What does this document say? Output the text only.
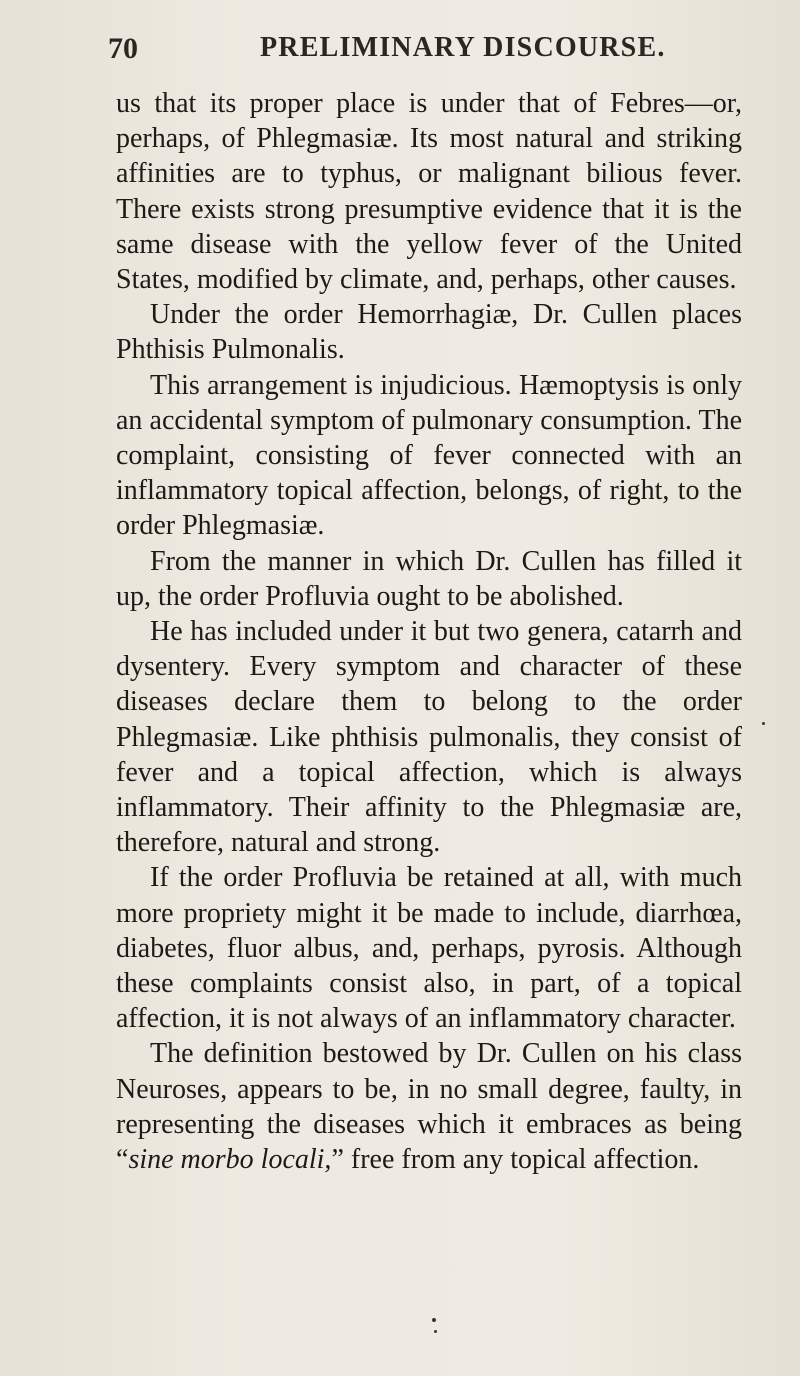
70	PRELIMINARY DISCOURSE.

us that its proper place is under that of Febres—or, perhaps, of Phlegmasiæ. Its most natural and striking affinities are to typhus, or malignant bilious fever. There exists strong presumptive evidence that it is the same disease with the yellow fever of the United States, modified by climate, and, perhaps, other causes.

Under the order Hemorrhagiæ, Dr. Cullen places Phthisis Pulmonalis.

This arrangement is injudicious. Hæmoptysis is only an accidental symptom of pulmonary consumption. The complaint, consisting of fever connected with an inflammatory topical affection, belongs, of right, to the order Phlegmasiæ.

From the manner in which Dr. Cullen has filled it up, the order Profluvia ought to be abolished.

He has included under it but two genera, catarrh and dysentery. Every symptom and character of these diseases declare them to belong to the order Phlegmasiæ. Like phthisis pulmonalis, they consist of fever and a topical affection, which is always inflammatory. Their affinity to the Phlegmasiæ are, therefore, natural and strong.

If the order Profluvia be retained at all, with much more propriety might it be made to include, diarrhœa, diabetes, fluor albus, and, perhaps, pyrosis. Although these complaints consist also, in part, of a topical affection, it is not always of an inflammatory character.

The definition bestowed by Dr. Cullen on his class Neuroses, appears to be, in no small degree, faulty, in representing the diseases which it embraces as being “sine morbo locali,” free from any topical affection.
